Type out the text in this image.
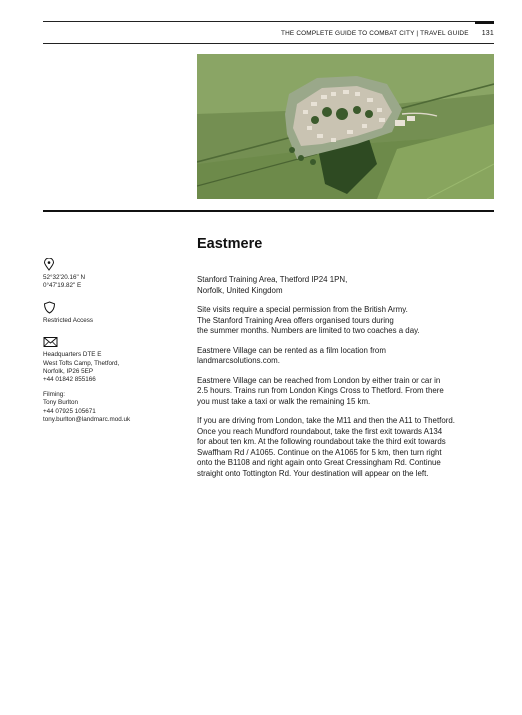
THE COMPLETE GUIDE TO COMBAT CITY | TRAVEL GUIDE	131
Eastmere
52°32'20.16" N
0°47'19.82" E
Restricted Access
Headquarters DTE E
West Tofts Camp, Thetford,
Norfolk, IP26 5EP
+44 01842 855166
Filming:
Tony Burlton
+44 07925 105671
tony.burlton@landmarc.mod.uk

Stanford Training Area, Thetford IP24 1PN,
Norfolk, United Kingdom

Site visits require a special permission from the British Army.
The Stanford Training Area offers organised tours during
the summer months. Numbers are limited to two coaches a day.

Eastmere Village can be rented as a film location from
landmarcsolutions.com.

Eastmere Village can be reached from London by either train or car in
2.5 hours. Trains run from London Kings Cross to Thetford. From there
you must take a taxi or walk the remaining 15 km.

If you are driving from London, take the M11 and then the A11 to Thetford.
Once you reach Mundford roundabout, take the first exit towards A134
for about ten km. At the following roundabout take the third exit towards
Swaffham Rd / A1065. Continue on the A1065 for 5 km, then turn right
onto the B1108 and right again onto Great Cressingham Rd. Continue
straight onto Tottington Rd. Your destination will appear on the left.
